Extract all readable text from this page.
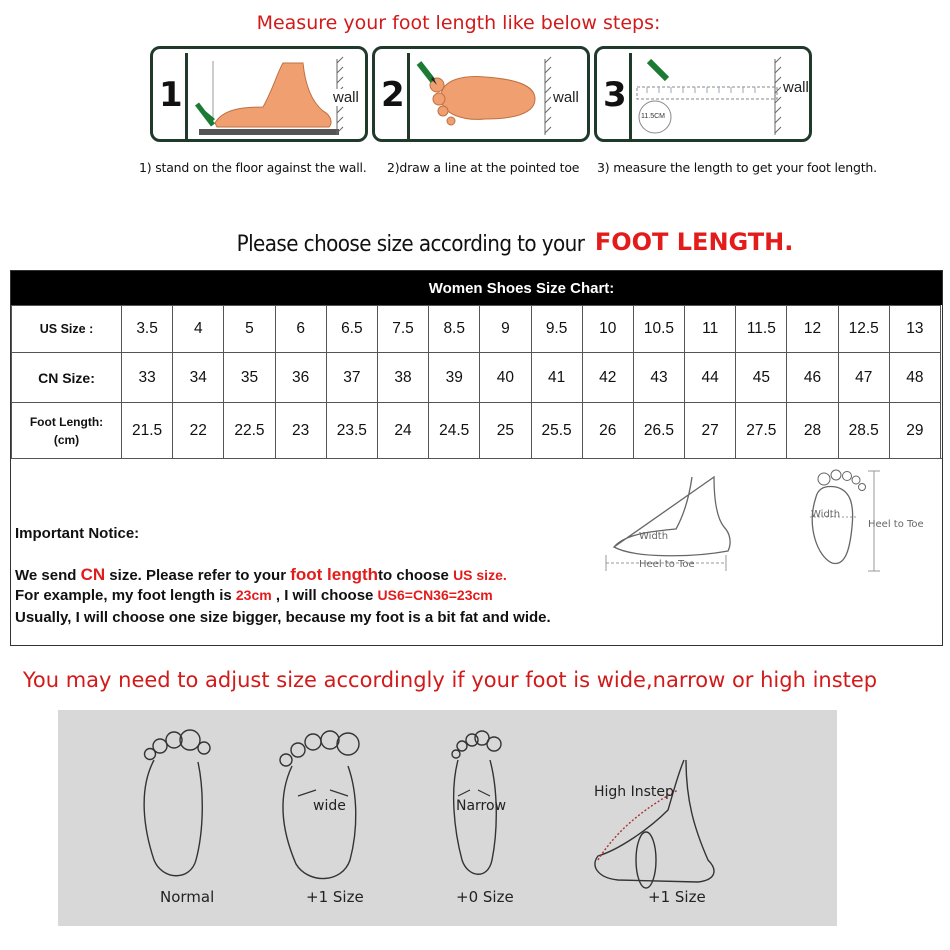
Measure your foot length like below steps:
1	wall 2	wall 3
11.5CM
wall
1) stand on the floor against the wall. 2)draw a line at the pointed toe 3) measure the length to get your foot length.
Please choose size according to your FOOT LENGTH.
Women Shoes Size Chart:
US Size :	3.5	4	5	6	6.5	7.5	8.5	9	9.5	10	10.5	11	11.5	12	12.5	13
CN Size:	33	34	35	36	37	38	39	40	41	42	43	44	45	46	47	48

Foot Length:
(cm)	21.5	22	22.5	23	23.5	24	24.5	25	25.5	26	26.5	27	27.5	28	28.5	29
Important Notice:
We send CN size. Please refer to your foot lengthto choose US size.
For example, my foot length is 23cm , I will choose US6=CN36=23cm
Usually, I will choose one size bigger, because my foot is a bit fat and wide.
Width
Heel to Toe
Width
Heel to Toe
You may need to adjust size accordingly if your foot is wide,narrow or high instep
wide	Narrow
High Instep
Normal	+1 Size	+0 Size	+1 Size
